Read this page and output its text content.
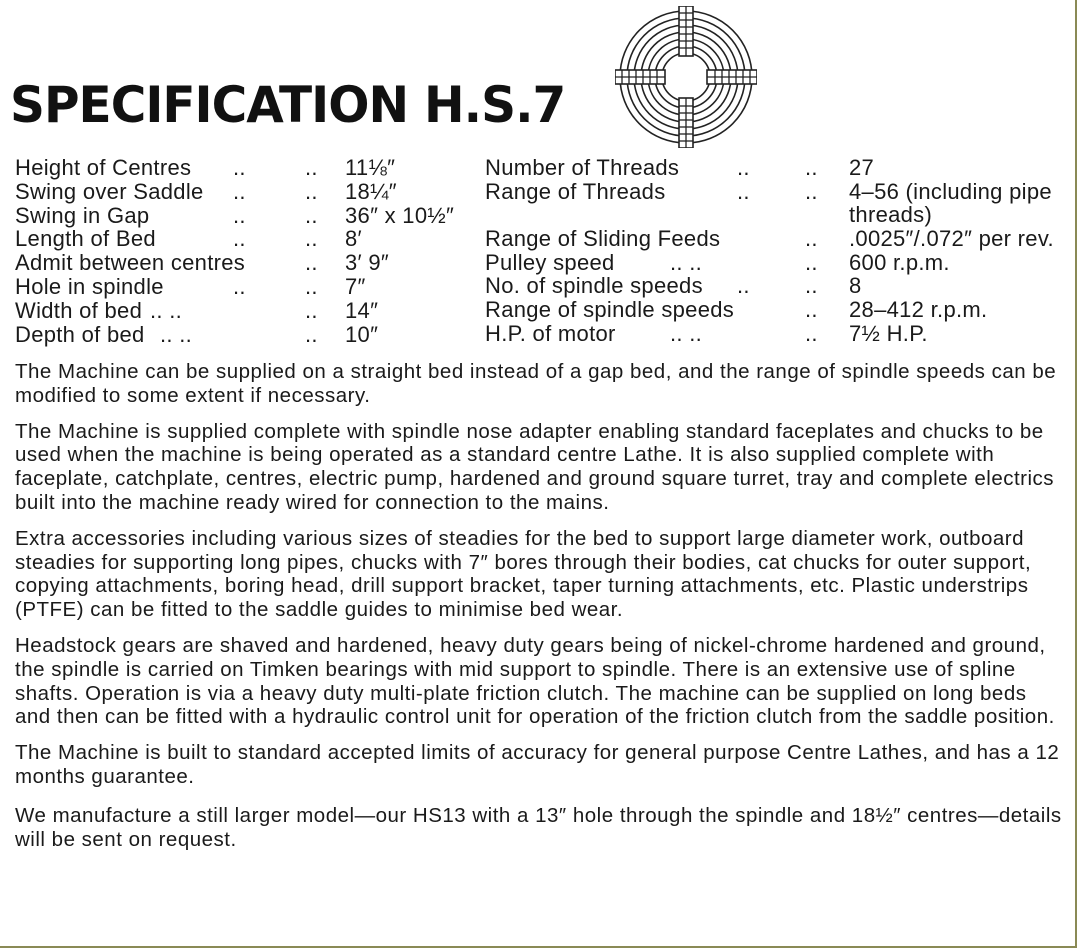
SPECIFICATION H.S.7
Height of Centres ..	.. 11⅛″
Swing over Saddle ..	.. 18¼″
Swing in Gap	..	.. 36″ x 10½″
Length of Bed	..	.. 8′
Admit between centres	.. 3′ 9″
Hole in spindle	..	.. 7″
Width of bed .. ..	.. 14″
Depth of bed .. ..	.. 10″
Number of Threads	..	.. 27
Range of Threads	..	.. 4–56 (including pipe threads)
Range of Sliding Feeds	.. .0025″/.072″ per rev.
Pulley speed	.. ..	.. 600 r.p.m.
No. of spindle speeds ..	.. 8
Range of spindle speeds	.. 28–412 r.p.m.
H.P. of motor .. ..	.. 7½ H.P.

The Machine can be supplied on a straight bed instead of a gap bed, and the range of spindle speeds can be modified to some extent if necessary.

The Machine is supplied complete with spindle nose adapter enabling standard faceplates and chucks to be used when the machine is being operated as a standard centre Lathe. It is also supplied complete with faceplate, catchplate, centres, electric pump, hardened and ground square turret, tray and complete electrics built into the machine ready wired for connection to the mains.

Extra accessories including various sizes of steadies for the bed to support large diameter work, outboard steadies for supporting long pipes, chucks with 7″ bores through their bodies, cat chucks for outer support, copying attachments, boring head, drill support bracket, taper turning attachments, etc. Plastic understrips (PTFE) can be fitted to the saddle guides to minimise bed wear.

Headstock gears are shaved and hardened, heavy duty gears being of nickel-chrome hardened and ground, the spindle is carried on Timken bearings with mid support to spindle. There is an extensive use of spline shafts. Operation is via a heavy duty multi-plate friction clutch. The machine can be supplied on long beds and then can be fitted with a hydraulic control unit for operation of the friction clutch from the saddle position.

The Machine is built to standard accepted limits of accuracy for general purpose Centre Lathes, and has a 12 months guarantee.

We manufacture a still larger model—our HS13 with a 13″ hole through the spindle and 18½″ centres—details will be sent on request.
